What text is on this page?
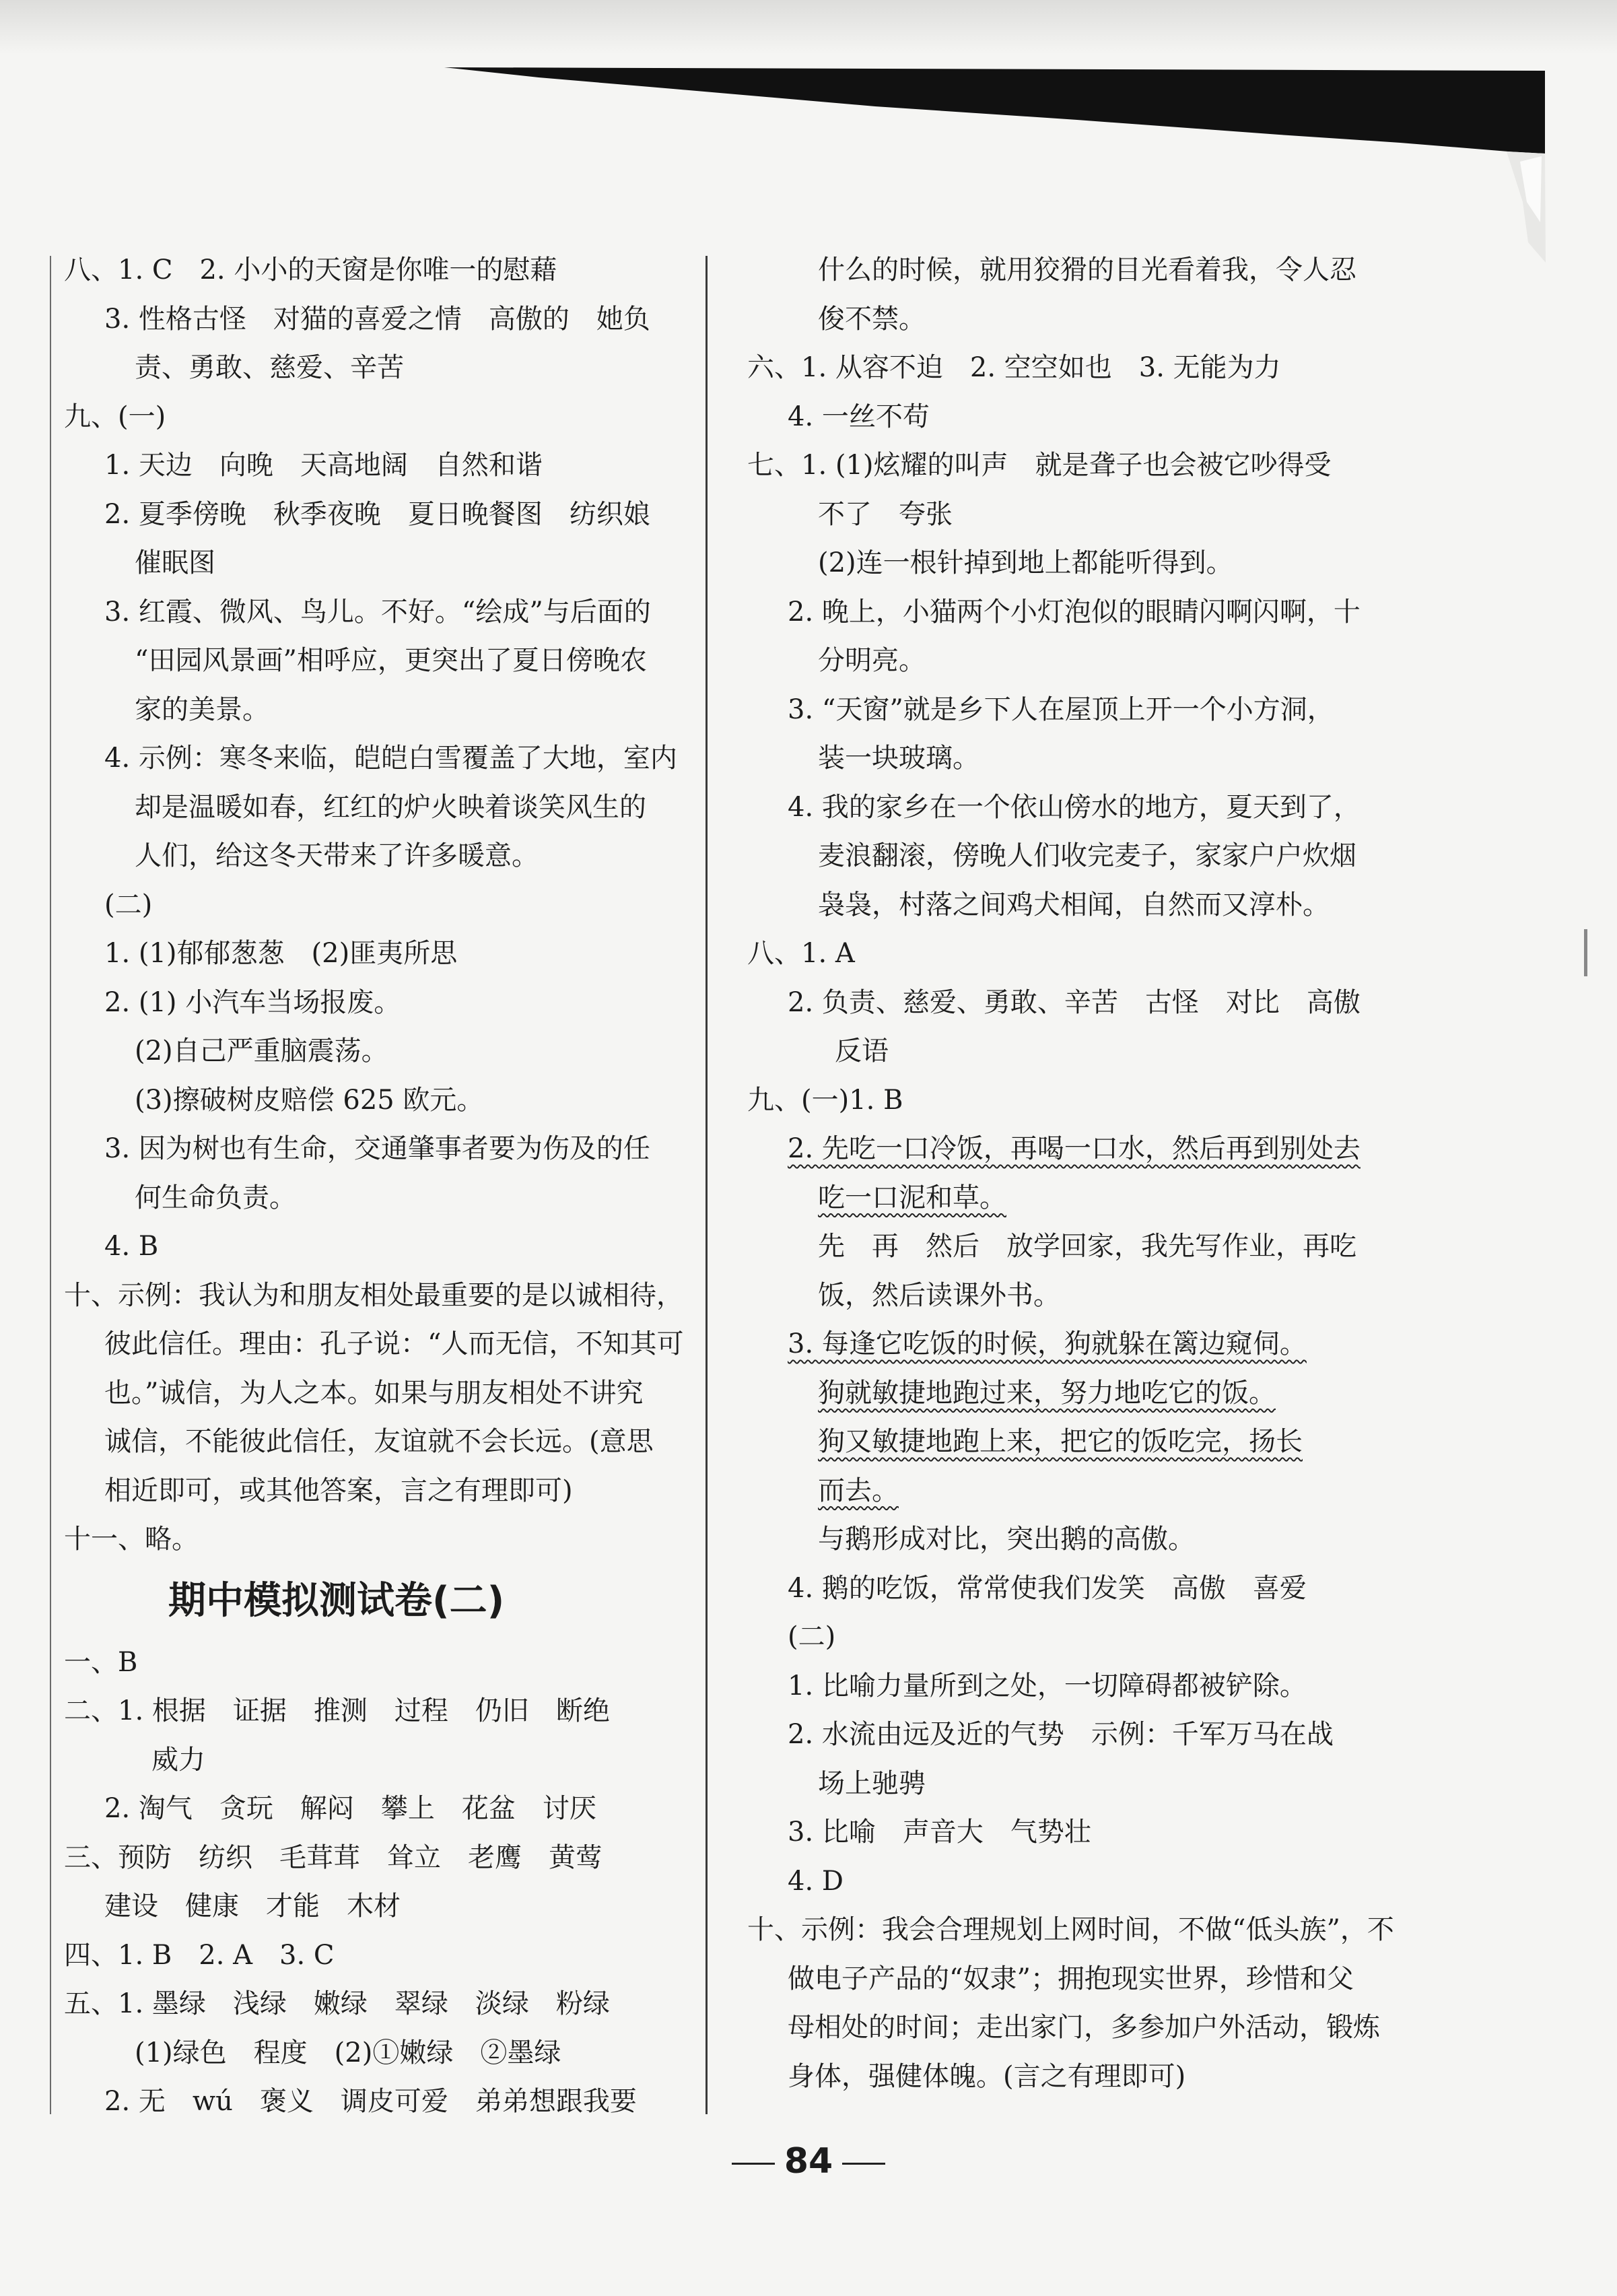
八、1. C　2. 小小的天窗是你唯一的慰藉
3. 性格古怪　对猫的喜爱之情　高傲的　她负
责、勇敢、慈爱、辛苦
九、(一)
1. 天边　向晚　天高地阔　自然和谐
2. 夏季傍晚　秋季夜晚　夏日晚餐图　纺织娘
催眠图
3. 红霞、微风、鸟儿。不好。“绘成”与后面的
“田园风景画”相呼应，更突出了夏日傍晚农
家的美景。
4. 示例：寒冬来临，皑皑白雪覆盖了大地，室内
却是温暖如春，红红的炉火映着谈笑风生的
人们，给这冬天带来了许多暖意。
(二)
1. (1)郁郁葱葱　(2)匪夷所思
2. (1) 小汽车当场报废。
(2)自己严重脑震荡。
(3)擦破树皮赔偿 625 欧元。
3. 因为树也有生命，交通肇事者要为伤及的任
何生命负责。
4. B
十、示例：我认为和朋友相处最重要的是以诚相待，
彼此信任。理由：孔子说：“人而无信，不知其可
也。”诚信，为人之本。如果与朋友相处不讲究
诚信，不能彼此信任，友谊就不会长远。(意思
相近即可，或其他答案，言之有理即可)
十一、略。
期中模拟测试卷(二)
一、B
二、1. 根据　证据　推测　过程　仍旧　断绝
威力
2. 淘气　贪玩　解闷　攀上　花盆　讨厌
三、预防　纺织　毛茸茸　耸立　老鹰　黄莺
建设　健康　才能　木材
四、1. B　2. A　3. C
五、1. 墨绿　浅绿　嫩绿　翠绿　淡绿　粉绿
(1)绿色　程度　(2)①嫩绿　②墨绿
2. 无　wú　褒义　调皮可爱　弟弟想跟我要
什么的时候，就用狡猾的目光看着我，令人忍
俊不禁。
六、1. 从容不迫　2. 空空如也　3. 无能为力
4. 一丝不苟
七、1. (1)炫耀的叫声　就是聋子也会被它吵得受
不了　夸张
(2)连一根针掉到地上都能听得到。
2. 晚上，小猫两个小灯泡似的眼睛闪啊闪啊，十
分明亮。
3. “天窗”就是乡下人在屋顶上开一个小方洞，
装一块玻璃。
4. 我的家乡在一个依山傍水的地方，夏天到了，
麦浪翻滚，傍晚人们收完麦子，家家户户炊烟
袅袅，村落之间鸡犬相闻，自然而又淳朴。
八、1. A
2. 负责、慈爱、勇敢、辛苦　古怪　对比　高傲
反语
九、(一)1. B
2. 先吃一口冷饭，再喝一口水，然后再到别处去
吃一口泥和草。
先　再　然后　放学回家，我先写作业，再吃
饭，然后读课外书。
3. 每逢它吃饭的时候，狗就躲在篱边窥伺。
狗就敏捷地跑过来，努力地吃它的饭。
狗又敏捷地跑上来，把它的饭吃完，扬长
而去。
与鹅形成对比，突出鹅的高傲。
4. 鹅的吃饭，常常使我们发笑　高傲　喜爱
(二)
1. 比喻力量所到之处，一切障碍都被铲除。
2. 水流由远及近的气势　示例：千军万马在战
场上驰骋
3. 比喻　声音大　气势壮
4. D
十、示例：我会合理规划上网时间，不做“低头族”，不
做电子产品的“奴隶”；拥抱现实世界，珍惜和父
母相处的时间；走出家门，多参加户外活动，锻炼
身体，强健体魄。(言之有理即可)
84
